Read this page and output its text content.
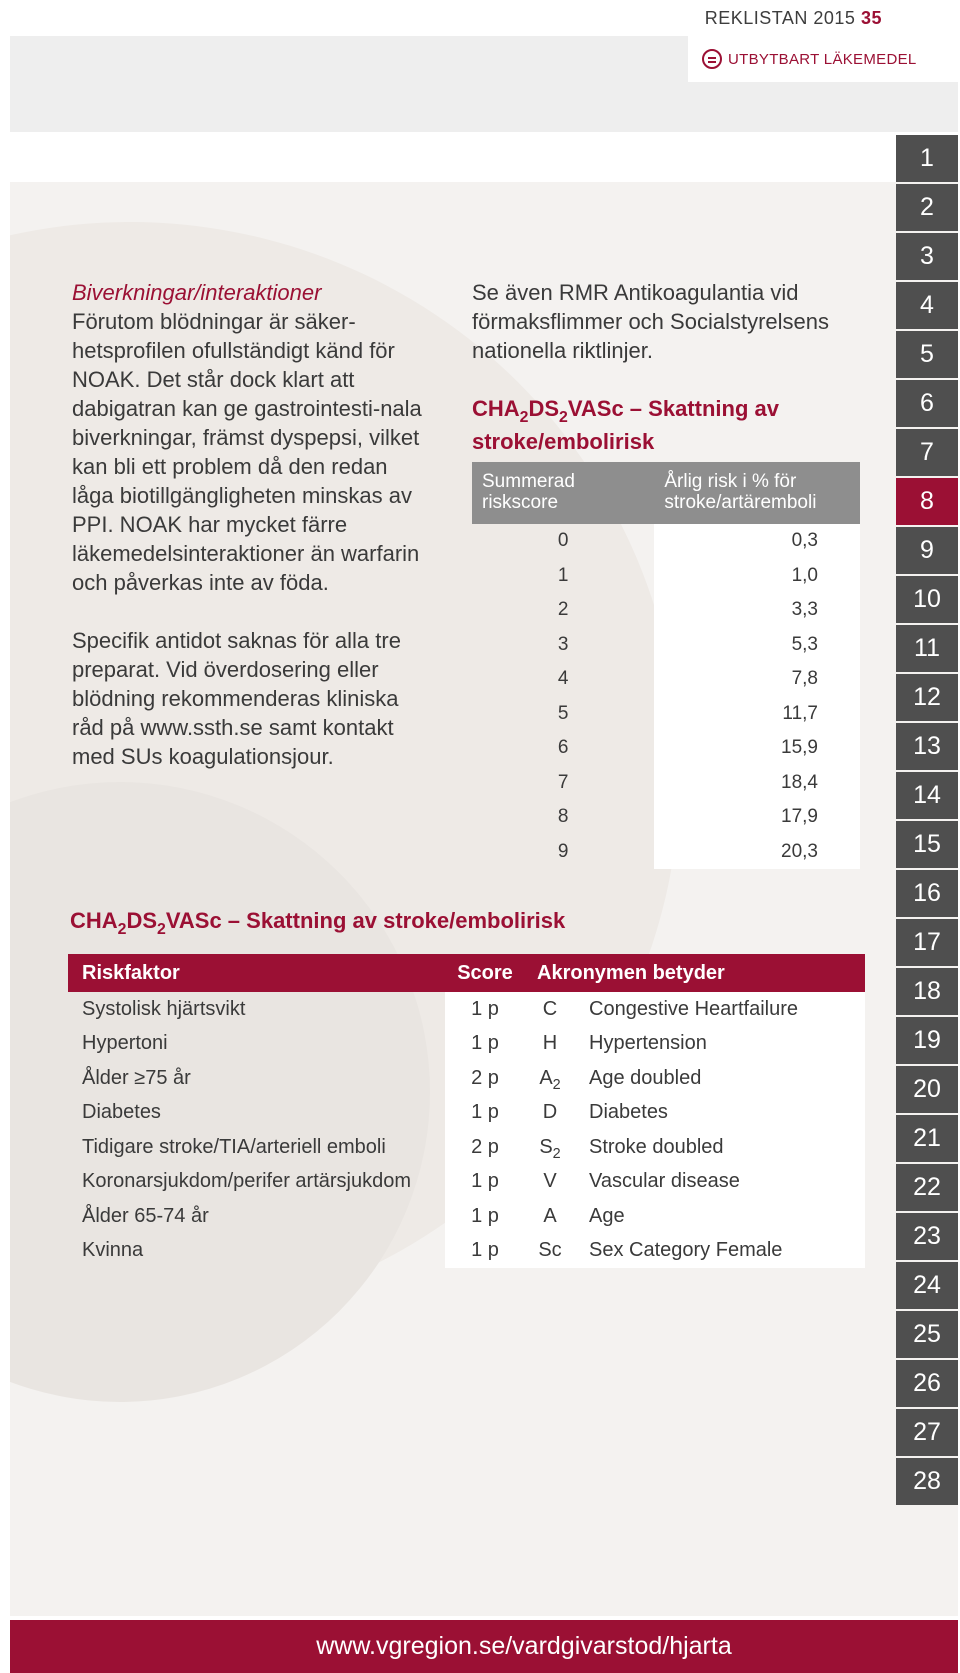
REKLISTAN 2015 35
UTBYTBART LÄKEMEDEL
1
2
3
4
5
6
7
8
9
10
11
12
13
14
15
16
17
18
19
20
21
22
23
24
25
26
27
28
Biverkningar/interaktioner

Förutom blödningar är säker-hetsprofilen ofullständigt känd för NOAK. Det står dock klart att dabigatran kan ge gastrointesti-nala biverkningar, främst dyspepsi, vilket kan bli ett problem då den redan låga biotillgängligheten minskas av PPI. NOAK har mycket färre läkemedelsinteraktioner än warfarin och påverkas inte av föda.

Specifik antidot saknas för alla tre preparat. Vid överdosering eller blödning rekommenderas kliniska råd på www.ssth.se samt kontakt med SUs koagulationsjour.

Se även RMR Antikoagulantia vid förmaksflimmer och Socialstyrelsens nationella riktlinjer.
$CHA_2DS_2VASc$ – Skattning av stroke/embolirisk
Summerad riskscore	Årlig risk i % för stroke/artäremboli
0	0,3
1	1,0
2	3,3
3	5,3
4	7,8
5	11,7
6	15,9
7	18,4
8	17,9
9	20,3
$CHA_2DS_2VASc$ – Skattning av stroke/embolirisk
Riskfaktor	Score	Akronymen betyder	
Systolisk hjärtsvikt	1 p	C	Congestive Heartfailure
Hypertoni	1 p	H	Hypertension
Ålder ≥75 år	2 p	$A_2$	Age doubled
Diabetes	1 p	D	Diabetes
Tidigare stroke/TIA/arteriell emboli	2 p	$S_2$	Stroke doubled
Koronarsjukdom/perifer artärsjukdom	1 p	V	Vascular disease
Ålder 65-74 år	1 p	A	Age
Kvinna	1 p	Sc	Sex Category Female
www.vgregion.se/vardgivarstod/hjarta
